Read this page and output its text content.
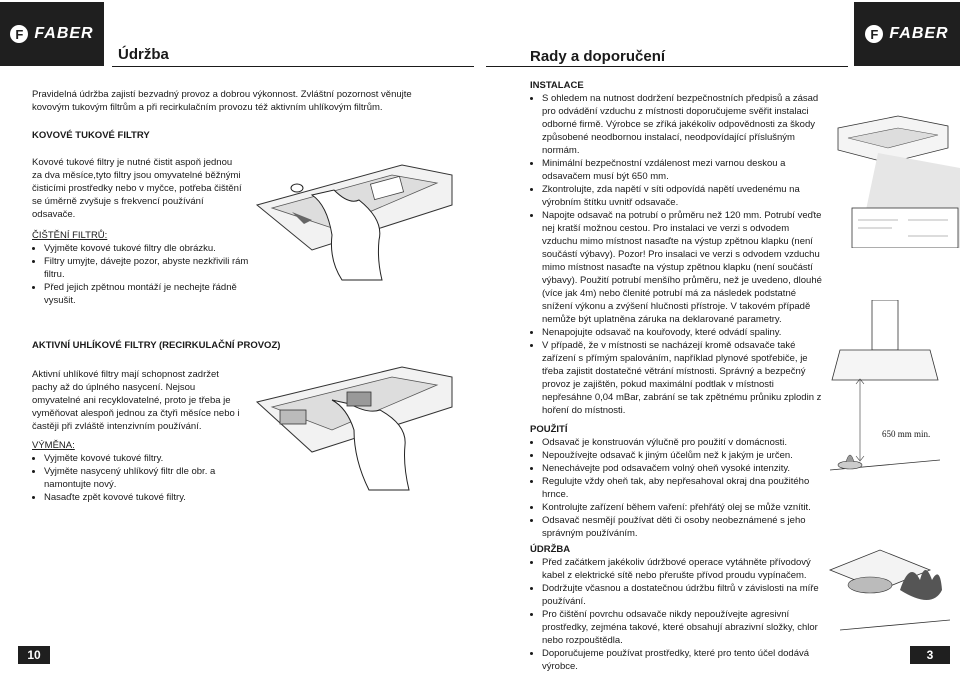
F FABER
Údržba	Rady a doporučení
F FABER
Pravidelná údržba zajistí bezvadný provoz a dobrou výkonnost. Zvláštní pozornost věnujte kovovým tukovým filtrům a při recirkulačním provozu též aktivním uhlíkovým filtrům.
KOVOVÉ TUKOVÉ FILTRY
Kovové tukové filtry je nutné čistit aspoň jednou za dva měsíce,tyto filtry jsou omyvatelné běžnými čisticími prostředky nebo v myčce, potřeba čištění se úměrně zvyšuje s frekvencí používání odsavače.
ČIŠTĚNÍ FILTRŮ:
• Vyjměte kovové tukové filtry dle obrázku.
• Filtry umyjte, dávejte pozor, abyste nezkřivili rám filtru.
• Před jejich zpětnou montáží je nechejte řádně vysušit.
AKTIVNÍ UHLÍKOVÉ FILTRY (RECIRKULAČNÍ PROVOZ)
Aktivní uhlíkové filtry mají schopnost zadržet pachy až do úplného nasycení. Nejsou omyvatelné ani recyklovatelné, proto je třeba je vyměňovat alespoň jednou za čtyři měsíce nebo i častěji při zvláště intenzivním používání.
VÝMĚNA:
• Vyjměte kovové tukové filtry.
• Vyjměte nasycený uhlíkový filtr dle obr. a namontujte nový.
• Nasaďte zpět kovové tukové filtry.
10
INSTALACE
• S ohledem na nutnost dodržení bezpečnostních předpisů a zásad pro odvádění vzduchu z místnosti doporučujeme svěřit instalaci odborné firmě. Výrobce se zříká jakékoliv odpovědnosti za škody způsobené neodbornou instalací, neodpovídající příslušným normám.
• Minimální bezpečnostní vzdálenost mezi varnou deskou a odsavačem musí být 650 mm.
• Zkontrolujte, zda napětí v síti odpovídá napětí uvedenému na výrobním štítku uvnitř odsavače.
• Napojte odsavač na potrubí o průměru než 120 mm. Potrubí veďte nej kratší možnou cestou. Pro instalaci ve verzi s odvodem vzduchu mimo místnost nasaďte na výstup zpětnou klapku (není součástí výbavy). Pozor! Pro insalaci ve verzi s odvodem vzduchu mimo místnost nasaďte na výstup zpětnou klapku (není součástí výbavy). Použití potrubí menšího průměru, než je uvedeno, dlouhé (více jak 4m) nebo členité potrubí má za následek podstatné snížení výkonu a zvýšení hlučnosti přístroje. V takovém případě nemůže být uplatněna záruka na deklarované parametry.
• Nenapojujte odsavač na kouřovody, které odvádí spaliny.
• V případě, že v místnosti se nacházejí kromě odsavače také zařízení s přímým spalováním, například plynové spotřebiče, je třeba zajistit dostatečné větrání místnosti. Správný a bezpečný provoz je zajištěn, pokud maximální podtlak v místnosti nepřesáhne 0,04 mBar, zabrání se tak zpětnému průniku zplodin z hoření do místnosti.
POUŽITÍ
• Odsavač je konstruován výlučně pro použití v domácnosti.
• Nepoužívejte odsavač k jiným účelům než k jakým je určen.
• Nenechávejte pod odsavačem volný oheň vysoké intenzity.
• Regulujte vždy oheň tak, aby nepřesahoval okraj dna použitého hrnce.
• Kontrolujte zařízení během vaření: přehřátý olej se může vznítit.
• Odsavač nesmějí používat děti či osoby neobeznámené s jeho správným používáním.
ÚDRŽBA
• Před začátkem jakékoliv údržbové operace vytáhněte přívodový kabel z elektrické sítě nebo přerušte přívod proudu vypínačem.
• Dodržujte včasnou a dostatečnou údržbu filtrů v závislosti na míře používání.
• Pro čištění povrchu odsavače nikdy nepoužívejte agresivní prostředky, zejména takové, které obsahují abrazivní složky, chlor nebo rozpouštědla.
• Doporučujeme používat prostředky, které pro tento účel dodává výrobce.
650 mm min.
3
